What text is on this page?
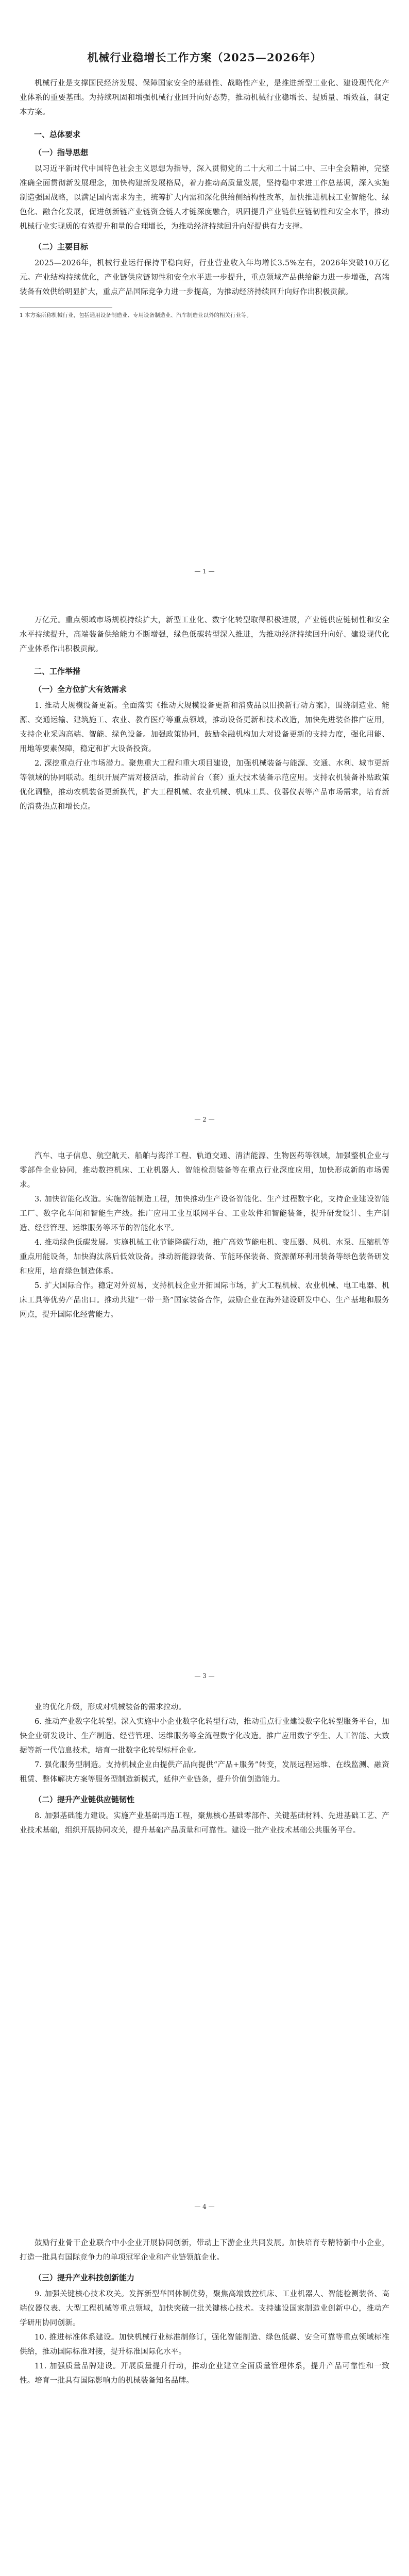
机械行业稳增长工作方案（2025—2026年）

机械行业是支撑国民经济发展、保障国家安全的基础性、战略性产业，是推进新型工业化、建设现代化产业体系的重要基础。为持续巩固和增强机械行业回升向好态势，推动机械行业稳增长、提质量、增效益，制定本方案。

一、总体要求
（一）指导思想

以习近平新时代中国特色社会主义思想为指导，深入贯彻党的二十大和二十届二中、三中全会精神，完整准确全面贯彻新发展理念，加快构建新发展格局，着力推动高质量发展，坚持稳中求进工作总基调，深入实施制造强国战略，以满足国内需求为主，统筹扩大内需和深化供给侧结构性改革，加快推进机械工业智能化、绿色化、融合化发展，促进创新链产业链资金链人才链深度融合，巩固提升产业链供应链韧性和安全水平，推动机械行业实现质的有效提升和量的合理增长，为推动经济持续回升向好提供有力支撑。

（二）主要目标

2025—2026年，机械行业运行保持平稳向好，行业营业收入年均增长3.5%左右，2026年突破10万亿元。产业结构持续优化，产业链供应链韧性和安全水平进一步提升，重点领域产品供给能力进一步增强，高端装备有效供给明显扩大，重点产品国际竞争力进一步提高，为推动经济持续回升向好作出积极贡献。

1 本方案所称机械行业，包括通用设备制造业、专用设备制造业、汽车制造业以外的相关行业等。

— 1 —

万亿元。重点领域市场规模持续扩大，新型工业化、数字化转型取得积极进展，产业链供应链韧性和安全水平持续提升，高端装备供给能力不断增强，绿色低碳转型深入推进，为推动经济持续回升向好、建设现代化产业体系作出积极贡献。

二、工作举措
（一）全方位扩大有效需求

1. 推动大规模设备更新。全面落实《推动大规模设备更新和消费品以旧换新行动方案》，围绕制造业、能源、交通运输、建筑施工、农业、教育医疗等重点领域，推动设备更新和技术改造，加快先进装备推广应用，支持企业采购高端、智能、绿色设备。加强政策协同，鼓励金融机构加大对设备更新的支持力度，强化用能、用地等要素保障，稳定和扩大设备投资。

2. 深挖重点行业市场潜力。聚焦重大工程和重大项目建设，加强机械装备与能源、交通、水利、城市更新等领域的协同联动。组织开展产需对接活动，推动首台（套）重大技术装备示范应用。支持农机装备补贴政策优化调整，推动农机装备更新换代，扩大工程机械、农业机械、机床工具、仪器仪表等产品市场需求，培育新的消费热点和增长点。

— 2 —

汽车、电子信息、航空航天、船舶与海洋工程、轨道交通、清洁能源、生物医药等领域，加强整机企业与零部件企业协同，推动数控机床、工业机器人、智能检测装备等在重点行业深度应用，加快形成新的市场需求。

3. 加快智能化改造。实施智能制造工程，加快推动生产设备智能化、生产过程数字化，支持企业建设智能工厂、数字化车间和智能生产线。推广应用工业互联网平台、工业软件和智能装备，提升研发设计、生产制造、经营管理、运维服务等环节的智能化水平。

4. 推动绿色低碳发展。实施机械工业节能降碳行动，推广高效节能电机、变压器、风机、水泵、压缩机等重点用能设备，加快淘汰落后低效设备。推动新能源装备、节能环保装备、资源循环利用装备等绿色装备研发和应用，培育绿色制造体系。

5. 扩大国际合作。稳定对外贸易，支持机械企业开拓国际市场，扩大工程机械、农业机械、电工电器、机床工具等优势产品出口。推动共建“一带一路”国家装备合作，鼓励企业在海外建设研发中心、生产基地和服务网点，提升国际化经营能力。

— 3 —

业的优化升级，形成对机械装备的需求拉动。

6. 推动产业数字化转型。深入实施中小企业数字化转型行动，推动重点行业建设数字化转型服务平台，加快企业研发设计、生产制造、经营管理、运维服务等全流程数字化改造。推广应用数字孪生、人工智能、大数据等新一代信息技术，培育一批数字化转型标杆企业。

7. 强化服务型制造。支持机械企业由提供产品向提供“产品+服务”转变，发展远程运维、在线监测、融资租赁、整体解决方案等服务型制造新模式，延伸产业链条，提升价值创造能力。

（二）提升产业链供应链韧性

8. 加强基础能力建设。实施产业基础再造工程，聚焦核心基础零部件、关键基础材料、先进基础工艺、产业技术基础，组织开展协同攻关，提升基础产品质量和可靠性。建设一批产业技术基础公共服务平台。

— 4 —

鼓励行业骨干企业联合中小企业开展协同创新，带动上下游企业共同发展。加快培育专精特新中小企业，打造一批具有国际竞争力的单项冠军企业和产业链领航企业。

（三）提升产业科技创新能力

9. 加强关键核心技术攻关。发挥新型举国体制优势，聚焦高端数控机床、工业机器人、智能检测装备、高端仪器仪表、大型工程机械等重点领域，加快突破一批关键核心技术。支持建设国家制造业创新中心，推动产学研用协同创新。

10. 推进标准体系建设。加快机械行业标准制修订，强化智能制造、绿色低碳、安全可靠等重点领域标准供给，推动国际标准对接，提升标准国际化水平。

11. 加强质量品牌建设。开展质量提升行动，推动企业建立全面质量管理体系，提升产品可靠性和一致性。培育一批具有国际影响力的机械装备知名品牌。
